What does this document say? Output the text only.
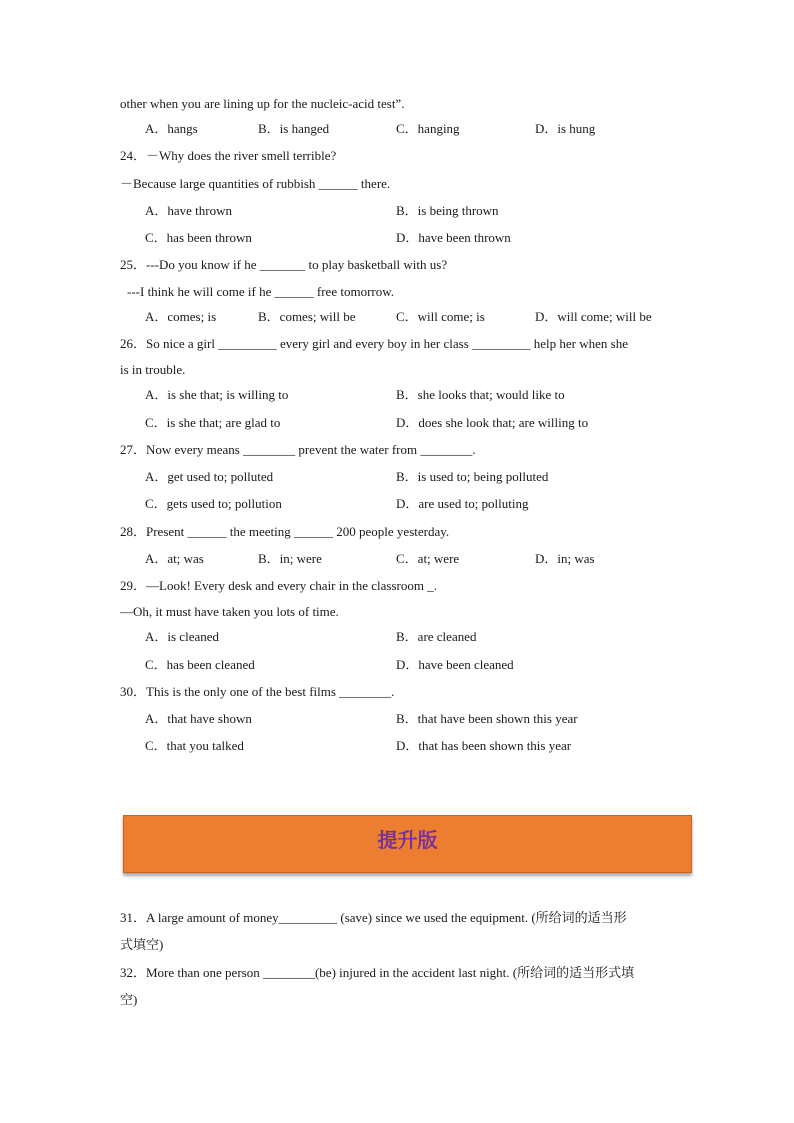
other when you are lining up for the nucleic-acid test”.
A．hangs	B．is hanged	C．hanging	D．is hung
24．－Why does the river smell terrible?
－Because large quantities of rubbish ______ there.
A．have thrown	B．is being thrown
C．has been thrown	D．have been thrown
25．---Do you know if he _______ to play basketball with us?
---I think he will come if he ______ free tomorrow.
A．comes; is	B．comes; will be	C．will come; is	D．will come; will be
26．So nice a girl _________ every girl and every boy in her class _________ help her when she
is in trouble.
A．is she that; is willing to	B．she looks that; would like to
C．is she that; are glad to	D．does she look that; are willing to
27．Now every means ________ prevent the water from ________.
A．get used to; polluted	B．is used to; being polluted
C．gets used to; pollution	D．are used to; polluting
28．Present ______ the meeting ______ 200 people yesterday.
A．at; was	B．in; were	C．at; were	D．in; was
29．—Look! Every desk and every chair in the classroom _.
—Oh, it must have taken you lots of time.
A．is cleaned	B．are cleaned
C．has been cleaned	D．have been cleaned
30．This is the only one of the best films ________.
A．that have shown	B．that have been shown this year
C．that you talked	D．that has been shown this year
提升版
31．A large amount of money_________ (save) since we used the equipment. (所给词的适当形
式填空)
32．More than one person ________(be) injured in the accident last night. (所给词的适当形式填
空)
